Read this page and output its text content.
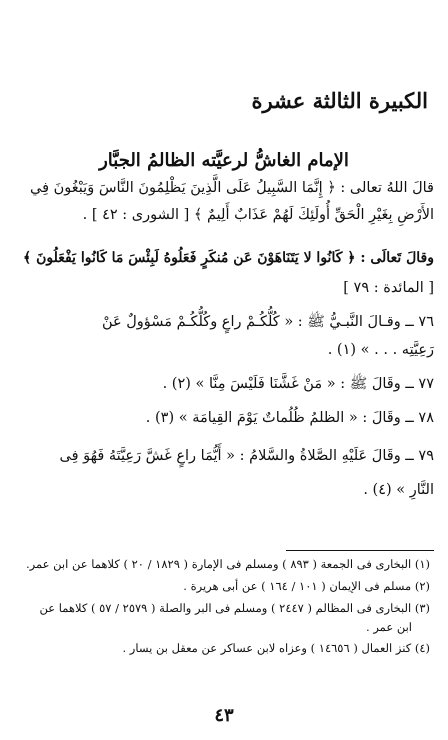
الكبيرة الثالثة عشرة
الإمام الغاشُّ لرعيَّته الظالمُ الجبَّار
قالَ اللهُ تعالى : ﴿ إِنَّمَا السَّبِيلُ عَلَى الَّذِينَ يَظْلِمُونَ النَّاسَ وَيَبْغُونَ فِي
الأَرْضِ بِغَيْرِ الْحَقِّ أُولَئِكَ لَهُمْ عَذَابٌ أَلِيمٌ ﴾ [ الشورى : ٤٢ ] .
وقالَ تَعالَى : ﴿ كَانُوا لا يَتَنَاهَوْنَ عَن مُنكَرٍ فَعَلُوهُ لَبِئْسَ مَا كَانُوا يَفْعَلُونَ ﴾
[ المائدة : ٧٩ ]
٧٦ ــ وقـالَ النَّبـيُّ ﷺ : « كُلُّكُـمْ راعٍ وكُلُّكُـمْ مَسْؤولٌ عَنْ
رَعِيَّتِه . . . » (١) .
٧٧ ــ وقَالَ ﷺ : « مَنْ غَشَّنَا فَلَيْسَ مِنَّا » (٢) .
٧٨ ــ وقَالَ : « الظلمُ ظُلُماتٌ يَوْمَ القِيامَة » (٣) .
٧٩ ــ وقَالَ عَلَيْهِ الصَّلاةُ والسَّلامُ : « أَيُّمَا راعٍ غَشَّ رَعِيَّتَهُ فَهُوَ فِى
النَّارِ » (٤) .
(١) البخارى فى الجمعة ( ٨٩٣ ) ومسلم فى الإمارة ( ١٨٢٩ / ٢٠ ) كلاهما عن ابن عمر.
(٢) مسلم فى الإيمان ( ١٠١ / ١٦٤ ) عن أبى هريرة .
(٣) البخارى فى المظالم ( ٢٤٤٧ ) ومسلم فى البر والصلة ( ٢٥٧٩ / ٥٧ ) كلاهما عن
ابن عمر .
(٤) كنز العمال ( ١٤٦٥٦ ) وعزاه لابن عساكر عن معقل بن يسار .
٤٣
